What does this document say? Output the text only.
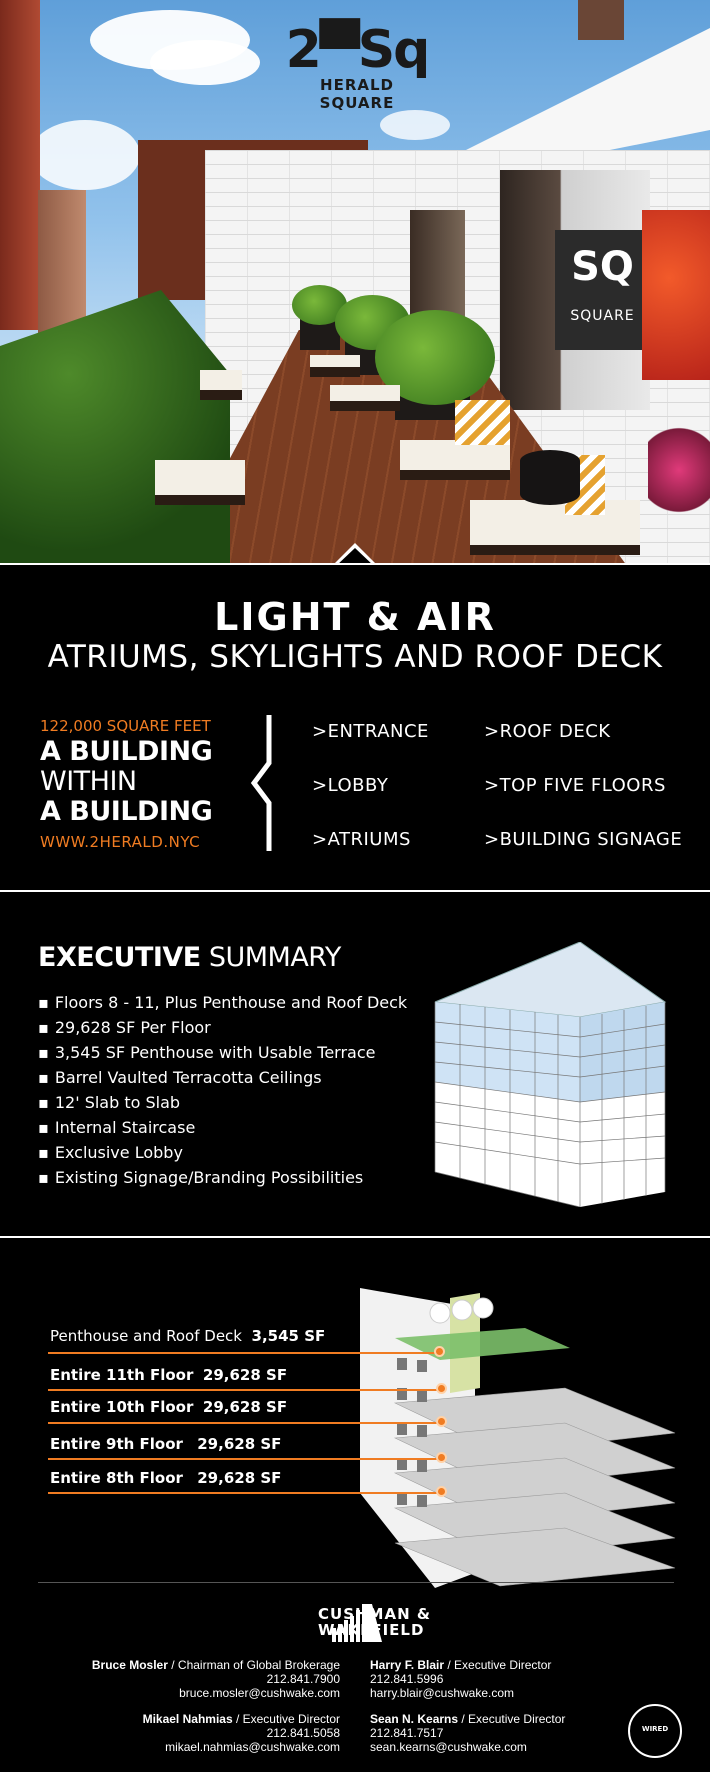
SQ
SQUARE
2▀Sq
HERALD SQUARE
LIGHT & AIR
ATRIUMS, SKYLIGHTS AND ROOF DECK
122,000 SQUARE FEET
A BUILDING
WITHIN
A BUILDING
WWW.2HERALD.NYC
>ENTRANCE	>ROOF DECK
>LOBBY	>TOP FIVE FLOORS
>ATRIUMS	>BUILDING SIGNAGE
EXECUTIVE SUMMARY
▪ Floors 8 - 11, Plus Penthouse and Roof Deck
▪ 29,628 SF Per Floor
▪ 3,545 SF Penthouse with Usable Terrace
▪ Barrel Vaulted Terracotta Ceilings
▪ 12' Slab to Slab
▪ Internal Staircase
▪ Exclusive Lobby
▪ Existing Signage/Branding Possibilities
Penthouse and Roof Deck 3,545 SF
Entire 11th Floor 29,628 SF
Entire 10th Floor 29,628 SF
Entire 9th Floor 29,628 SF
Entire 8th Floor 29,628 SF
CUSHMAN &
WAKEFIELD
Bruce Mosler / Chairman of Global Brokerage
212.841.7900
bruce.mosler@cushwake.com
Harry F. Blair / Executive Director
212.841.5996
harry.blair@cushwake.com
Mikael Nahmias / Executive Director
212.841.5058
mikael.nahmias@cushwake.com
Sean N. Kearns / Executive Director
212.841.7517
sean.kearns@cushwake.com
WIRED
